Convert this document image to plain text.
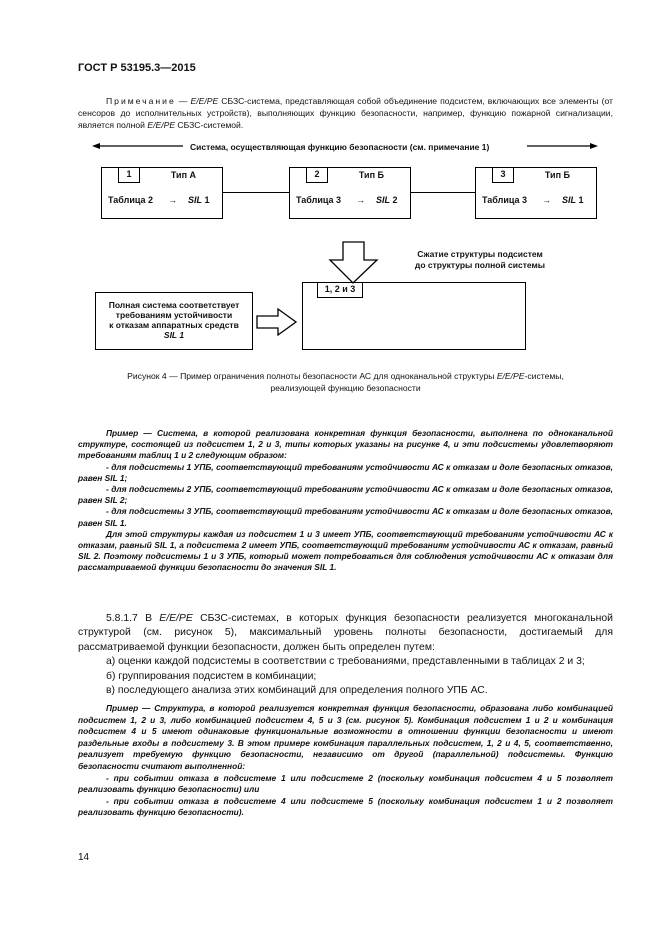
ГОСТ Р 53195.3—2015
Примечание — E/E/PE СБЗС-система, представляющая собой объединение подсистем, включающих все элементы (от сенсоров до исполнительных устройств), выполняющих функцию безопасности, например, функцию пожарной сигнализации, является полной E/E/PE СБЗС-системой.
Система, осуществляющая функцию безопасности (см. примечание 1)
1	Тип А
Таблица 2 → SIL 1
2	Тип Б
Таблица 3 → SIL 2
3	Тип Б
Таблица 3 → SIL 1
Сжатие структуры подсистем
до структуры полной системы
Полная система соответствует
требованиям устойчивости
к отказам аппаратных средств
SIL 1
1, 2 и 3
Рисунок 4 — Пример ограничения полноты безопасности АС для одноканальной структуры E/E/PE-системы,
реализующей функцию безопасности

Пример — Система, в которой реализована конкретная функция безопасности, выполнена по одноканальной структуре, состоящей из подсистем 1, 2 и 3, типы которых указаны на рисунке 4, и эти подсистемы удовлетворяют требованиям таблиц 1 и 2 следующим образом:

- для подсистемы 1 УПБ, соответствующий требованиям устойчивости АС к отказам и доле безопасных отказов, равен SIL 1;

- для подсистемы 2 УПБ, соответствующий требованиям устойчивости АС к отказам и доле безопасных отказов, равен SIL 2;

- для подсистемы 3 УПБ, соответствующий требованиям устойчивости АС к отказам и доле безопасных отказов, равен SIL 1.

Для этой структуры каждая из подсистем 1 и 3 имеет УПБ, соответствующий требованиям устойчивости АС к отказам, равный SIL 1, а подсистема 2 имеет УПБ, соответствующий требованиям устойчивости АС к отказам, равный SIL 2. Поэтому подсистемы 1 и 3 УПБ, который может потребоваться для соблюдения устойчивости АС к отказам для рассматриваемой функции безопасности до значения SIL 1.

5.8.1.7 В E/E/PE СБЗС-системах, в которых функция безопасности реализуется многоканальной структурой (см. рисунок 5), максимальный уровень полноты безопасности, достигаемый для рассматриваемой функции безопасности, должен быть определен путем:

а) оценки каждой подсистемы в соответствии с требованиями, представленными в таблицах 2 и 3;

б) группирования подсистем в комбинации;

в) последующего анализа этих комбинаций для определения полного УПБ АС.

Пример — Структура, в которой реализуется конкретная функция безопасности, образована либо комбинацией подсистем 1, 2 и 3, либо комбинацией подсистем 4, 5 и 3 (см. рисунок 5). Комбинация подсистем 1 и 2 и комбинация подсистем 4 и 5 имеют одинаковые функциональные возможности в отношении функции безопасности и имеют раздельные входы в подсистему 3. В этом примере комбинация параллельных подсистем, 1, 2 и 4, 5, соответственно, реализует требуемую функцию безопасности, независимо от другой (параллельной) подсистемы. Функцию безопасности считают выполненной:

- при событии отказа в подсистеме 1 или подсистеме 2 (поскольку комбинация подсистем 4 и 5 позволяет реализовать функцию безопасности) или

- при событии отказа в подсистеме 4 или подсистеме 5 (поскольку комбинация подсистем 1 и 2 позволяет реализовать функцию безопасности).

14
